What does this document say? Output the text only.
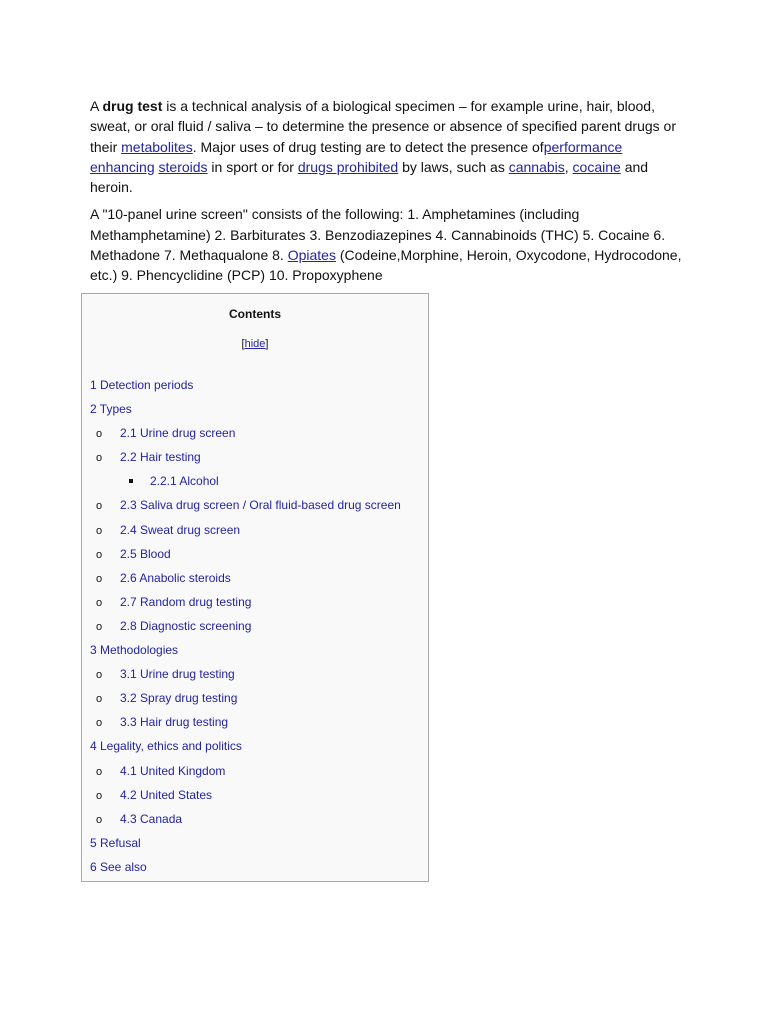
A drug test is a technical analysis of a biological specimen – for example urine, hair, blood, sweat, or oral fluid / saliva – to determine the presence or absence of specified parent drugs or their metabolites. Major uses of drug testing are to detect the presence ofperformance enhancing steroids in sport or for drugs prohibited by laws, such as cannabis, cocaine and heroin.

A "10-panel urine screen" consists of the following: 1. Amphetamines (including Methamphetamine) 2. Barbiturates 3. Benzodiazepines 4. Cannabinoids (THC) 5. Cocaine 6. Methadone 7. Methaqualone 8. Opiates (Codeine,Morphine, Heroin, Oxycodone, Hydrocodone, etc.) 9. Phencyclidine (PCP) 10. Propoxyphene

Contents
[hide]
1 Detection periods
2 Types
o 2.1 Urine drug screen
o 2.2 Hair testing
2.2.1 Alcohol
o 2.3 Saliva drug screen / Oral fluid-based drug screen
o 2.4 Sweat drug screen
o 2.5 Blood
o 2.6 Anabolic steroids
o 2.7 Random drug testing
o 2.8 Diagnostic screening
3 Methodologies
o 3.1 Urine drug testing
o 3.2 Spray drug testing
o 3.3 Hair drug testing
4 Legality, ethics and politics
o 4.1 United Kingdom
o 4.2 United States
o 4.3 Canada
5 Refusal
6 See also
